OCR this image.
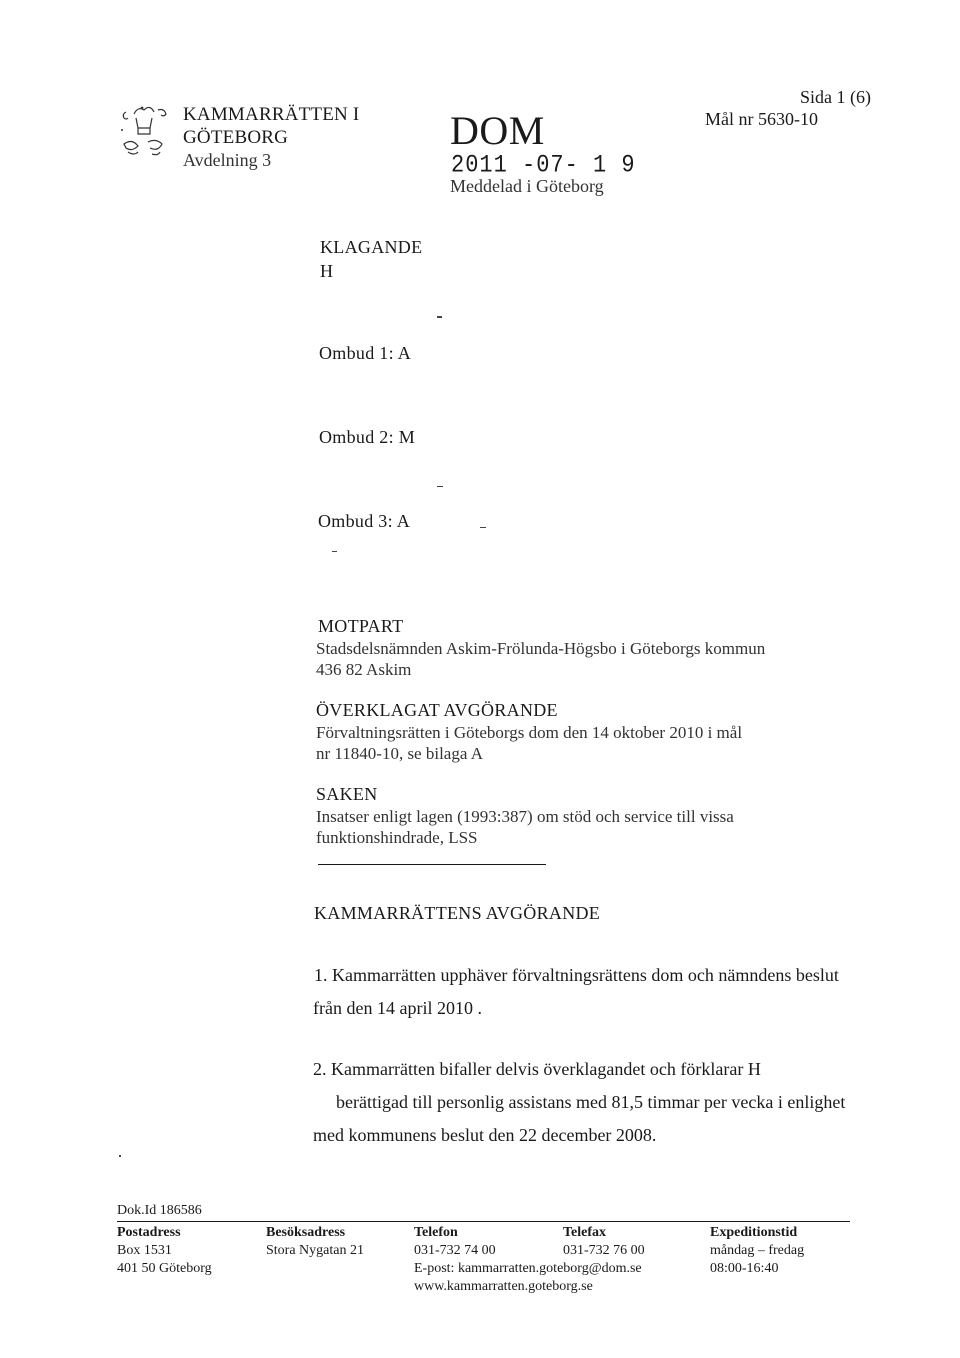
KAMMARRÄTTEN I
GÖTEBORG
Avdelning 3
DOM
2011 -07- 1 9
Meddelad i Göteborg
Sida 1 (6)
Mål nr 5630-10
KLAGANDE
H
Ombud 1: A
Ombud 2: M
Ombud 3: A
MOTPART
Stadsdelsnämnden Askim-Frölunda-Högsbo i Göteborgs kommun
436 82 Askim
ÖVERKLAGAT AVGÖRANDE
Förvaltningsrätten i Göteborgs dom den 14 oktober 2010 i mål
nr 11840-10, se bilaga A
SAKEN
Insatser enligt lagen (1993:387) om stöd och service till vissa
funktionshindrade, LSS
KAMMARRÄTTENS AVGÖRANDE
1. Kammarrätten upphäver förvaltningsrättens dom och nämndens beslut
från den 14 april 2010 .
2. Kammarrätten bifaller delvis överklagandet och förklarar H
berättigad till personlig assistans med 81,5 timmar per vecka i enlighet
med kommunens beslut den 22 december 2008.
Dok.Id 186586
Postadress
Box 1531
401 50 Göteborg
Besöksadress
Stora Nygatan 21
Telefon
031-732 74 00
E-post: kammarratten.goteborg@dom.se
www.kammarratten.goteborg.se
Telefax
031-732 76 00
Expeditionstid
måndag – fredag
08:00-16:40
